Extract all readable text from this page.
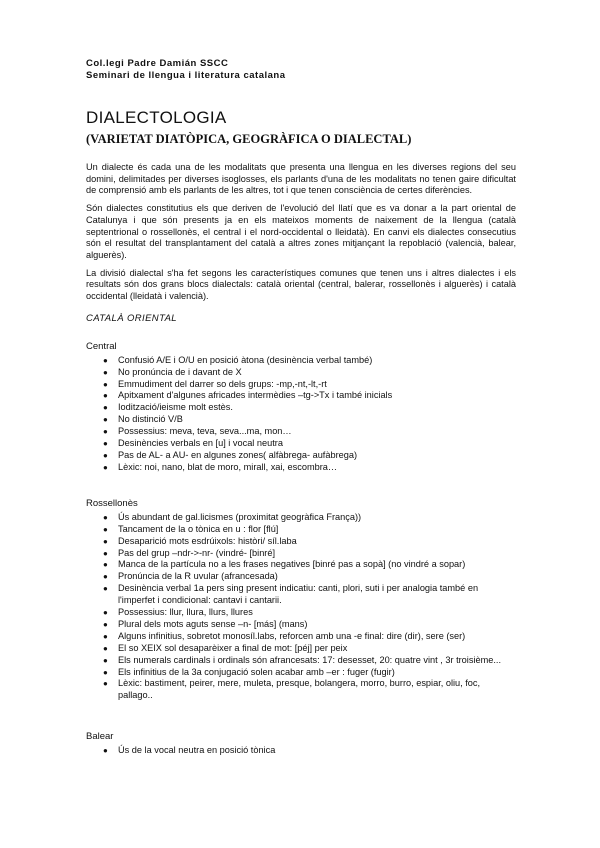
Col.legi Padre Damián SSCC
Seminari de llengua i literatura catalana
DIALECTOLOGIA
(VARIETAT DIATÒPICA, GEOGRÀFICA O DIALECTAL)

Un dialecte és cada una de les modalitats que presenta una llengua en les diverses regions del seu domini, delimitades per diverses isoglosses, els parlants d'una de les modalitats no tenen gaire dificultat de comprensió amb els parlants de les altres, tot i que tenen consciència de certes diferències.

Són dialectes constitutius els que deriven de l'evolució del llatí que es va donar a la part oriental de Catalunya i que són presents ja en els mateixos moments de naixement de la llengua (català septentrional o rossellonès, el central i el nord-occidental o lleidatà). En canvi els dialectes consecutius són el resultat del transplantament del català a altres zones mitjançant la repoblació (valencià, balear, alguerès).

La divisió dialectal s'ha fet segons les característiques comunes que tenen uns i altres dialectes i els resultats són dos grans blocs dialectals: català oriental (central, balerar, rossellonès i alguerès) i català occidental (lleidatà i valencià).

CATALÀ ORIENTAL
Central
● Confusió A/E i O/U en posició àtona (desinència verbal també)
● No pronúncia de i davant de X
● Emmudiment del darrer so dels grups: -mp,-nt,-lt,-rt
● Apitxament d'algunes africades intermèdies –tg->Tx i també inicials
● Iodització/ieisme molt estès.
● No distinció V/B
● Possessius: meva, teva, seva...ma, mon…
● Desinències verbals en [u] i vocal neutra
● Pas de AL- a AU- en algunes zones( alfàbrega- aufàbrega)
● Lèxic: noi, nano, blat de moro, mirall, xai, escombra…
Rossellonès
● Ús abundant de gal.licismes (proximitat geogràfica França))
● Tancament de la o tònica en u : flor [flú]
● Desaparició mots esdrúixols: històri/ síl.laba
● Pas del grup –ndr->-nr- (vindré- [binré]
● Manca de la partícula no a les frases negatives [binré pas a sopà] (no vindré a sopar)
● Pronúncia de la R uvular (afrancesada)
● Desinència verbal 1a pers sing present indicatiu: canti, plori, suti i per analogia també en l'imperfet i condicional: cantavi i cantarii.
● Possessius: llur, llura, llurs, llures
● Plural dels mots aguts sense –n- [más] (mans)
● Alguns infinitius, sobretot monosíl.labs, reforcen amb una -e final: dire (dir), sere (ser)
● El so XEIX sol desaparèixer a final de mot: [péj] per peix
● Els numerals cardinals i ordinals són afrancesats: 17: desesset, 20: quatre vint , 3r troisième...
● Els infinitius de la 3a conjugació solen acabar amb –er : fuger (fugir)
● Lèxic: bastiment, peirer, mere, muleta, presque, bolangera, morro, burro, espiar, oliu, foc, pallago..
Balear
● Ús de la vocal neutra en posició tònica
